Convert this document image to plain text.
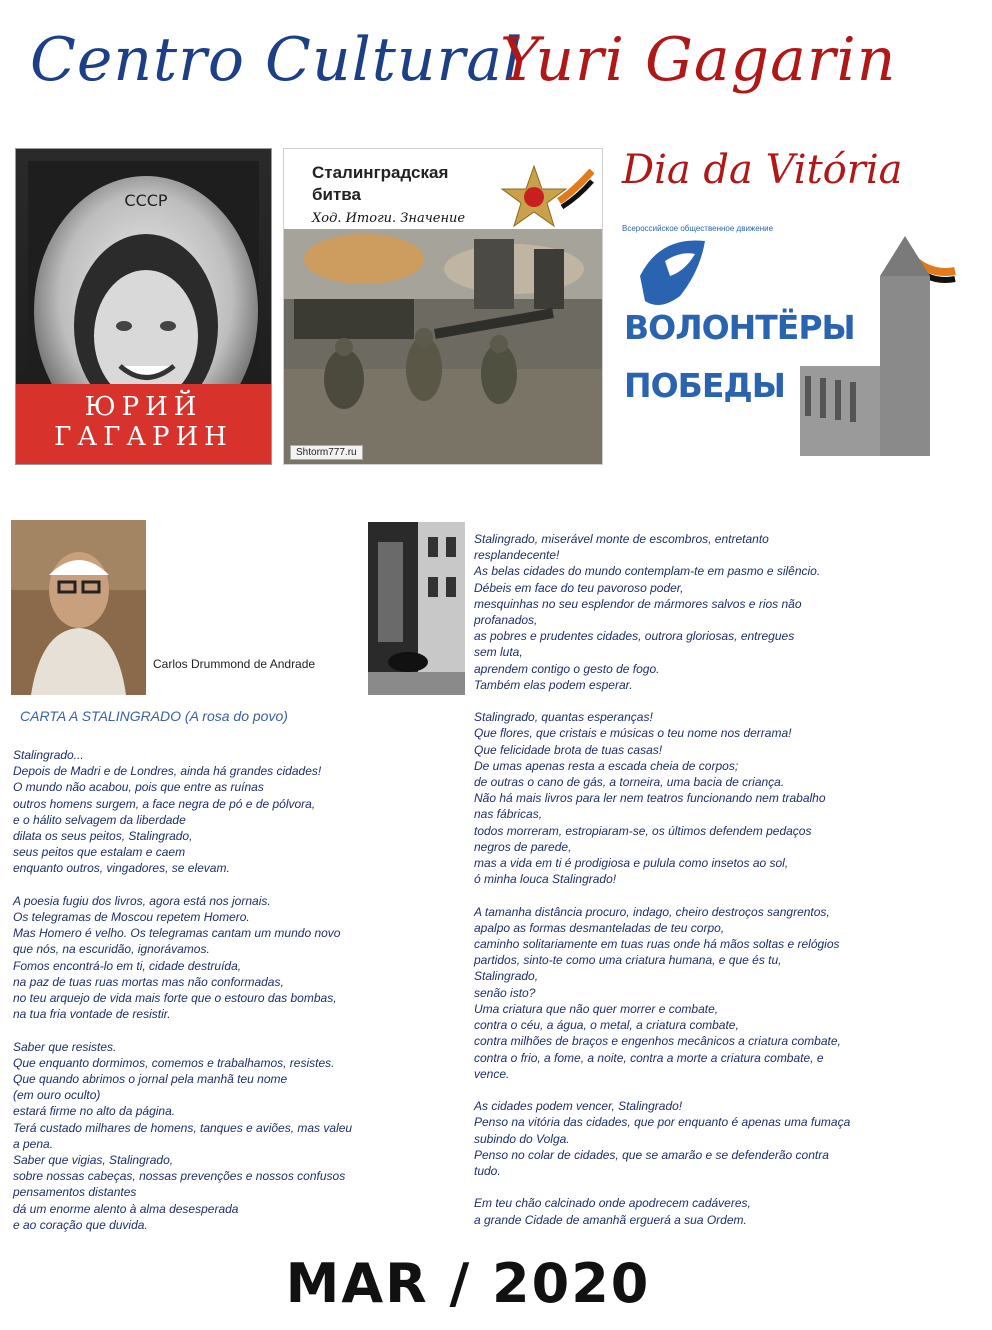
Centro Cultural
Yuri Gagarin
Dia da Vitória
CCCP
ЮРИЙ
ГАГАРИН
Сталинградская
битва
Ход. Итоги. Значение
Shtorm777.ru
Всероссийское общественное движение
ВОЛОНТЁРЫ
ПОБЕДЫ
Carlos Drummond de Andrade
CARTA A STALINGRADO (A rosa do povo)
Stalingrado...
Depois de Madri e de Londres, ainda há grandes cidades!
O mundo não acabou, pois que entre as ruínas
outros homens surgem, a face negra de pó e de pólvora,
e o hálito selvagem da liberdade
dilata os seus peitos, Stalingrado,
seus peitos que estalam e caem
enquanto outros, vingadores, se elevam.

A poesia fugiu dos livros, agora está nos jornais.
Os telegramas de Moscou repetem Homero.
Mas Homero é velho. Os telegramas cantam um mundo novo
que nós, na escuridão, ignorávamos.
Fomos encontrá-lo em ti, cidade destruída,
na paz de tuas ruas mortas mas não conformadas,
no teu arquejo de vida mais forte que o estouro das bombas,
na tua fria vontade de resistir.

Saber que resistes.
Que enquanto dormimos, comemos e trabalhamos, resistes.
Que quando abrimos o jornal pela manhã teu nome
(em ouro oculto)
estará firme no alto da página.
Terá custado milhares de homens, tanques e aviões, mas valeu
a pena.
Saber que vigias, Stalingrado,
sobre nossas cabeças, nossas prevenções e nossos confusos
pensamentos distantes
dá um enorme alento à alma desesperada
e ao coração que duvida.
Stalingrado, miserável monte de escombros, entretanto
resplandecente!
As belas cidades do mundo contemplam-te em pasmo e silêncio.
Débeis em face do teu pavoroso poder,
mesquinhas no seu esplendor de mármores salvos e rios não
profanados,
as pobres e prudentes cidades, outrora gloriosas, entregues
sem luta,
aprendem contigo o gesto de fogo.
Também elas podem esperar.

Stalingrado, quantas esperanças!
Que flores, que cristais e músicas o teu nome nos derrama!
Que felicidade brota de tuas casas!
De umas apenas resta a escada cheia de corpos;
de outras o cano de gás, a torneira, uma bacia de criança.
Não há mais livros para ler nem teatros funcionando nem trabalho
nas fábricas,
todos morreram, estropiaram-se, os últimos defendem pedaços
negros de parede,
mas a vida em ti é prodigiosa e pulula como insetos ao sol,
ó minha louca Stalingrado!

A tamanha distância procuro, indago, cheiro destroços sangrentos,
apalpo as formas desmanteladas de teu corpo,
caminho solitariamente em tuas ruas onde há mãos soltas e relógios
partidos, sinto-te como uma criatura humana, e que és tu,
Stalingrado,
senão isto?
Uma criatura que não quer morrer e combate,
contra o céu, a água, o metal, a criatura combate,
contra milhões de braços e engenhos mecânicos a criatura combate,
contra o frio, a fome, a noite, contra a morte a criatura combate, e
vence.

As cidades podem vencer, Stalingrado!
Penso na vitória das cidades, que por enquanto é apenas uma fumaça
subindo do Volga.
Penso no colar de cidades, que se amarão e se defenderão contra
tudo.

Em teu chão calcinado onde apodrecem cadáveres,
a grande Cidade de amanhã erguerá a sua Ordem.
MAR / 2020
